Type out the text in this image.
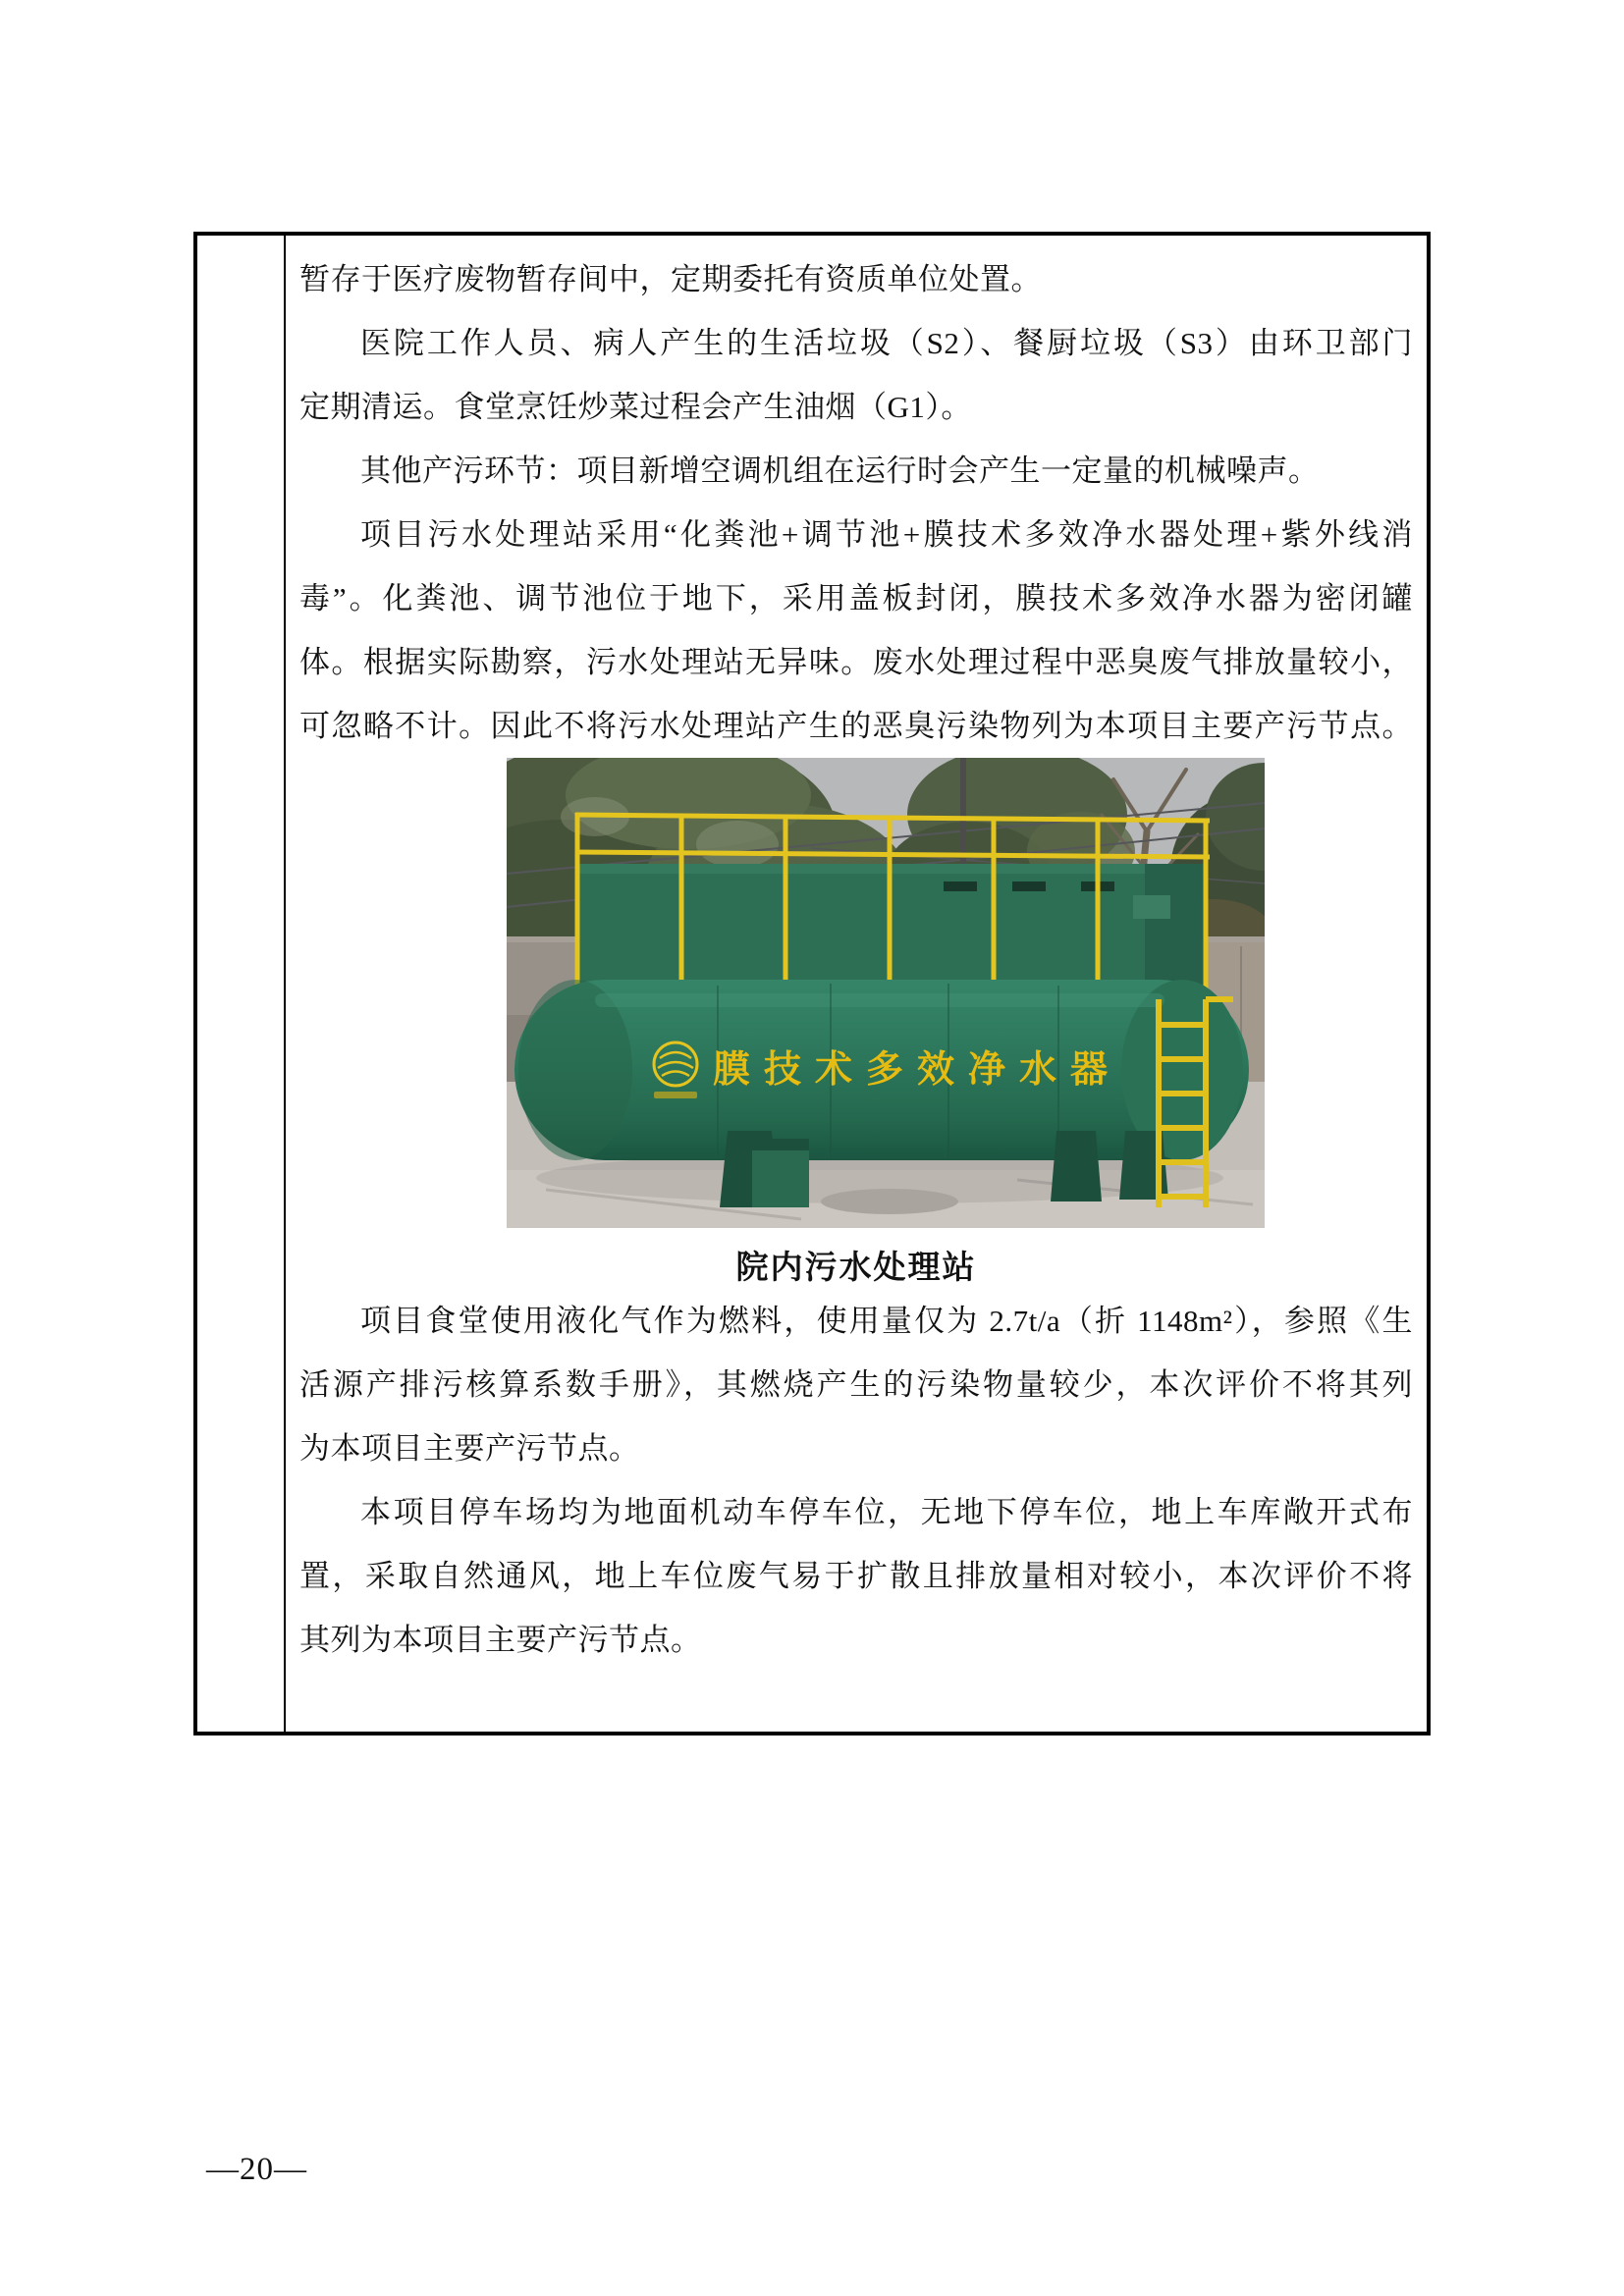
暂存于医疗废物暂存间中，定期委托有资质单位处置。
医院工作人员、病人产生的生活垃圾（S2）、餐厨垃圾（S3）由环卫部门
定期清运。食堂烹饪炒菜过程会产生油烟（G1）。
其他产污环节：项目新增空调机组在运行时会产生一定量的机械噪声。
项目污水处理站采用“化粪池+调节池+膜技术多效净水器处理+紫外线消
毒”。化粪池、调节池位于地下，采用盖板封闭，膜技术多效净水器为密闭罐
体。根据实际勘察，污水处理站无异味。废水处理过程中恶臭废气排放量较小，
可忽略不计。因此不将污水处理站产生的恶臭污染物列为本项目主要产污节点。
膜技术多效净水器
院内污水处理站
项目食堂使用液化气作为燃料，使用量仅为 2.7t/a（折 1148m²），参照《生
活源产排污核算系数手册》，其燃烧产生的污染物量较少，本次评价不将其列
为本项目主要产污节点。
本项目停车场均为地面机动车停车位，无地下停车位，地上车库敞开式布
置，采取自然通风，地上车位废气易于扩散且排放量相对较小，本次评价不将
其列为本项目主要产污节点。
—20—
